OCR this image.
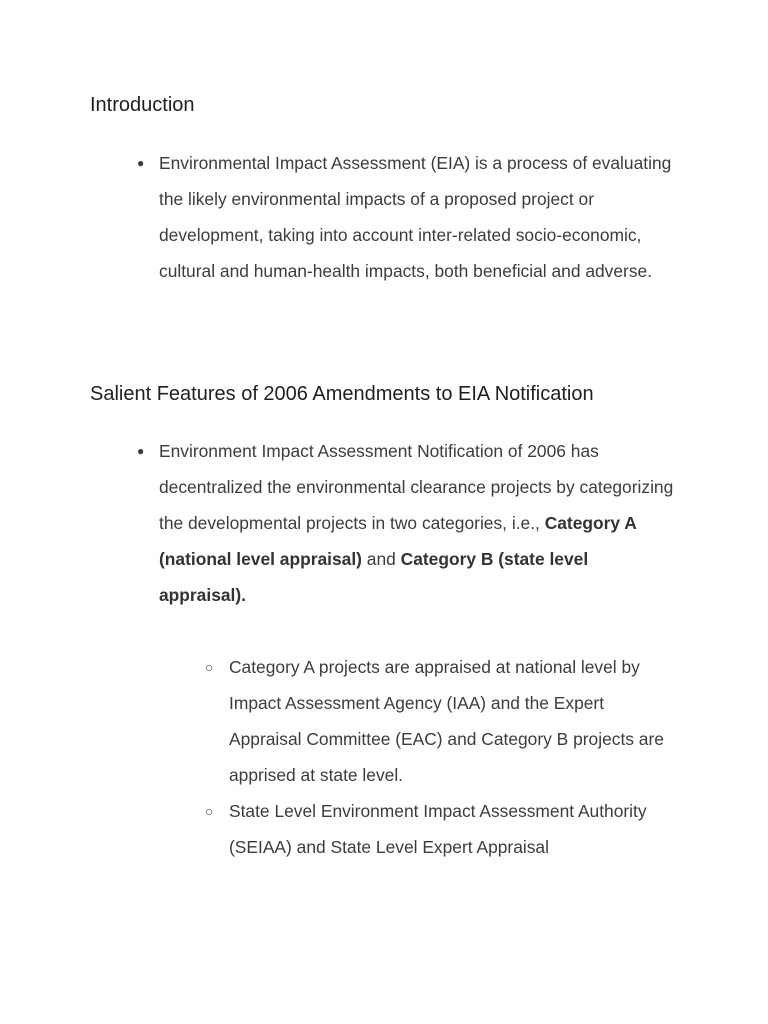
Introduction
● Environmental Impact Assessment (EIA) is a process of evaluating the likely environmental impacts of a proposed project or development, taking into account inter-related socio-economic, cultural and human-health impacts, both beneficial and adverse.
Salient Features of 2006 Amendments to EIA Notification
● Environment Impact Assessment Notification of 2006 has decentralized the environmental clearance projects by categorizing the developmental projects in two categories, i.e., Category A (national level appraisal) and Category B (state level appraisal).
○ Category A projects are appraised at national level by Impact Assessment Agency (IAA) and the Expert Appraisal Committee (EAC) and Category B projects are apprised at state level.
○ State Level Environment Impact Assessment Authority (SEIAA) and State Level Expert Appraisal
